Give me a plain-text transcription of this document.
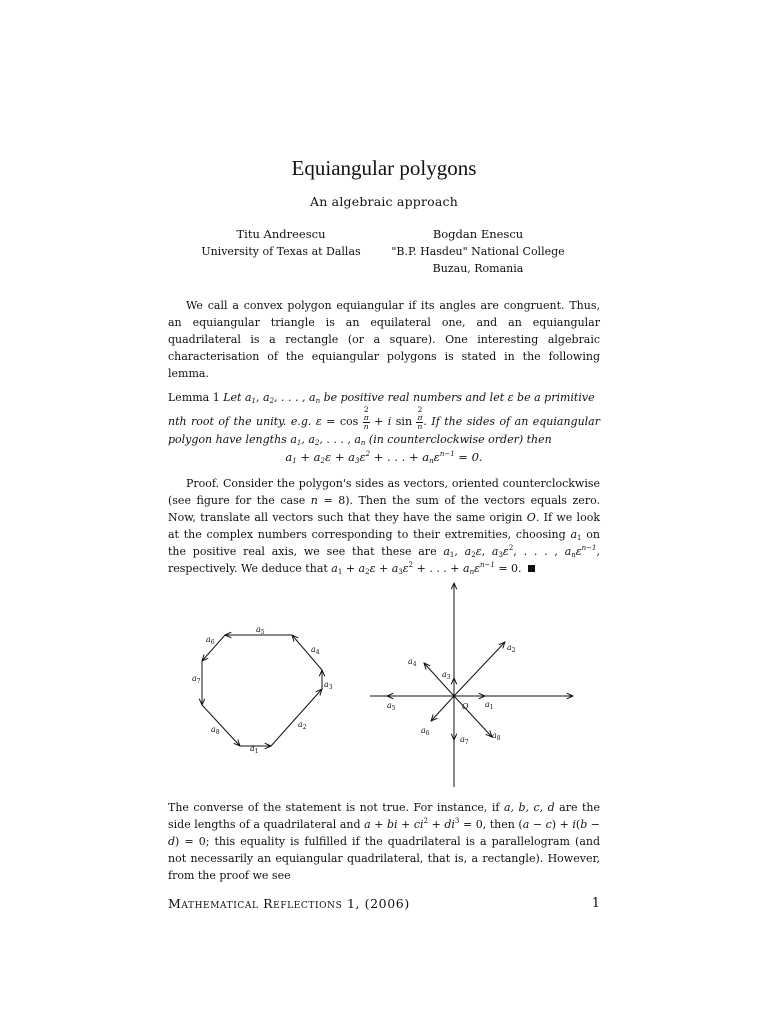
Equiangular polygons
An algebraic approach
Titu Andreescu
University of Texas at Dallas
Bogdan Enescu
"B.P. Hasdeu" National College
Buzau, Romania
We call a convex polygon equiangular if its angles are congruent. Thus, an equiangular triangle is an equilateral one, and an equiangular quadrilateral is a rectangle (or a square). One interesting algebraic characterisation of the equiangular polygons is stated in the following lemma.
Lemma 1 Let $a_1$, $a_2$, . . . , $a_n$ be positive real numbers and let ε be a primitive
nth root of the unity. e.g. ε = cos 2
π
n + i sin 2
π
n . If the sides of an equiangular polygon have lengths $a_1$, $a_2$, . . . , $a_n$ (in counterclockwise order) then
$a_1 + a_2\varepsilon + a_3\varepsilon^2$ + . . . + $a_n\varepsilon^{n-1} = 0$.
Proof. Consider the polygon's sides as vectors, oriented counterclockwise (see figure for the case n = 8). Then the sum of the vectors equals zero. Now, translate all vectors such that they have the same origin O. If we look at the complex numbers corresponding to their extremities, choosing $a_1$ on the positive real axis, we see that these are $a_1$, $a_2\varepsilon$, $a_3\varepsilon^2$, . . . , $a_n\varepsilon^{n-1}$, respectively. We deduce that $a_1 + a_2\varepsilon + a_3\varepsilon^2$ + . . . + $a_n\varepsilon^{n-1} = 0$.
$a_1$
$a_2$
$a_3$
$a_4$
$a_5$
$a_6$
$a_7$
$a_8$
O $a_1$
$a_2$
$a_3$
$a_4$
$a_5$
$a_6$
$a_7$
$a_8$
The converse of the statement is not true. For instance, if a, b, c, d are the side lengths of a quadrilateral and a + bi + $ci^2 + di^3 = 0$, then (a − c) + i(b − d) = 0; this equality is fulfilled if the quadrilateral is a parallelogram (and not necessarily an equiangular quadrilateral, that is, a rectangle). However, from the proof we see
Mathematical Reflections 1, (2006)	1
